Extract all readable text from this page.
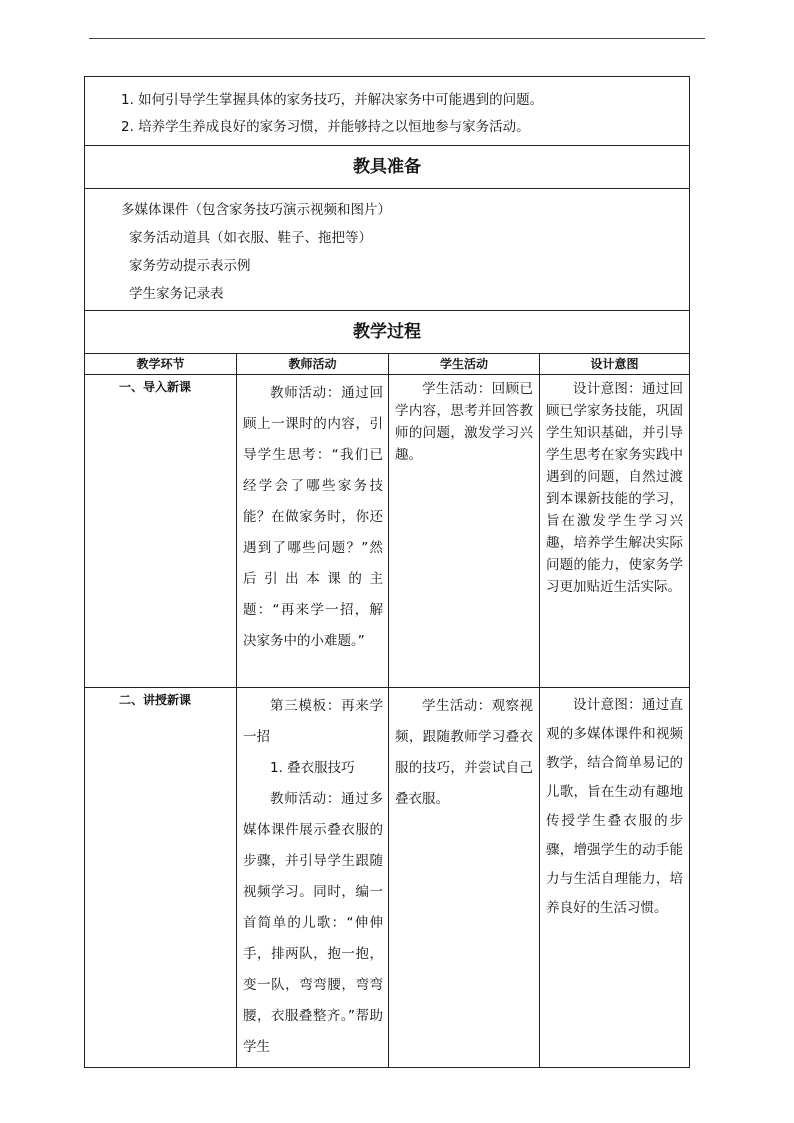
1. 如何引导学生掌握具体的家务技巧，并解决家务中可能遇到的问题。

2. 培养学生养成良好的家务习惯，并能够持之以恒地参与家务活动。			

教具准备			

多媒体课件（包含家务技巧演示视频和图片）

家务活动道具（如衣服、鞋子、拖把等）

家务劳动提示表示例

学生家务记录表			

教学过程			

教学环节	教师活动	学生活动	设计意图

一、导入新课	教师活动：通过回顾上一课时的内容，引导学生思考：“我们已经学会了哪些家务技能？在做家务时，你还遇到了哪些问题？”然后引出本课的主题：“再来学一招，解决家务中的小难题。”	学生活动：回顾已学内容，思考并回答教师的问题，激发学习兴趣。	设计意图：通过回顾已学家务技能，巩固学生知识基础，并引导学生思考在家务实践中遇到的问题，自然过渡到本课新技能的学习，旨在激发学生学习兴趣，培养学生解决实际问题的能力，使家务学习更加贴近生活实际。

二、讲授新课	第三模板：再来学一招

1. 叠衣服技巧

教师活动：通过多媒体课件展示叠衣服的步骤，并引导学生跟随视频学习。同时，编一首简单的儿歌：“伸伸手，排两队，抱一抱，变一队，弯弯腰，弯弯腰，衣服叠整齐。”帮助学生	学生活动：观察视频，跟随教师学习叠衣服的技巧，并尝试自己叠衣服。	设计意图：通过直观的多媒体课件和视频教学，结合简单易记的儿歌，旨在生动有趣地传授学生叠衣服的步骤，增强学生的动手能力与生活自理能力，培养良好的生活习惯。
